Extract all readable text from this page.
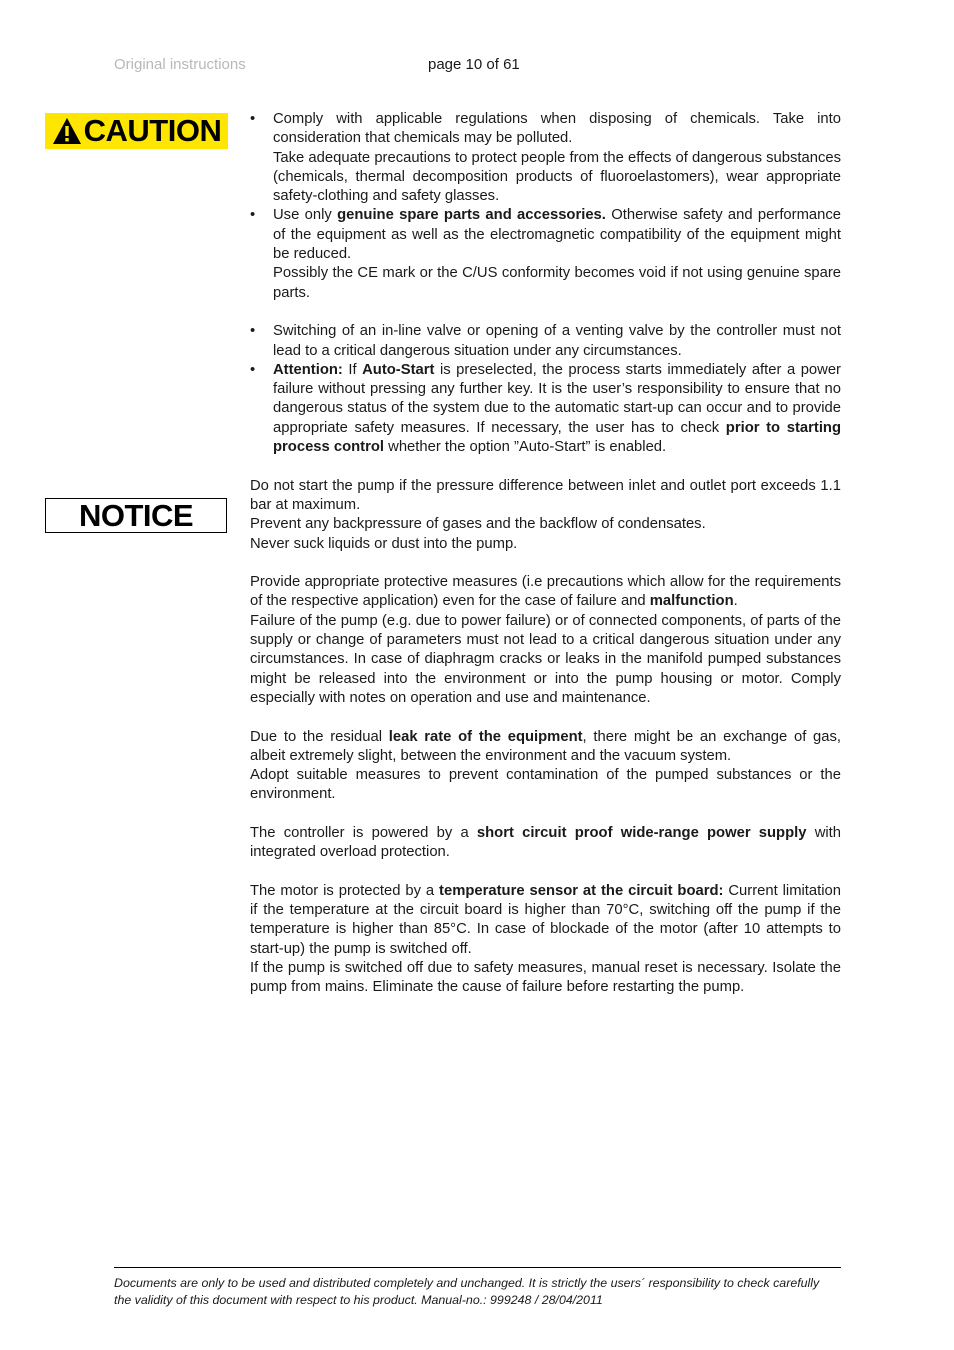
Original instructions	page 10 of 61
CAUTION
NOTICE
• Comply with applicable regulations when disposing of chemicals. Take into consideration that chemicals may be polluted.
Take adequate precautions to protect people from the effects of dangerous substances (chemicals, thermal decomposition products of fluoroelastomers), wear appropriate safety-clothing and safety glasses.
• Use only genuine spare parts and accessories. Otherwise safety and performance of the equipment as well as the electromagnetic compatibility of the equipment might be reduced.
Possibly the CE mark or the C/US conformity becomes void if not using genuine spare parts.
• Switching of an in-line valve or opening of a venting valve by the controller must not lead to a critical dangerous situation under any circumstances.
• Attention: If Auto-Start is preselected, the process starts immediately after a power failure without pressing any further key. It is the user’s responsibility to ensure that no dangerous status of the system due to the automatic start-up can occur and to provide appropriate safety measures. If necessary, the user has to check prior to starting process control whether the option ”Auto-Start” is enabled.

Do not start the pump if the pressure difference between inlet and outlet port exceeds 1.1 bar at maximum.
Prevent any backpressure of gases and the backflow of condensates.
Never suck liquids or dust into the pump.

Provide appropriate protective measures (i.e precautions which allow for the requirements of the respective application) even for the case of failure and malfunction.
Failure of the pump (e.g. due to power failure) or of connected components, of parts of the supply or change of parameters must not lead to a critical dangerous situation under any circumstances. In case of diaphragm cracks or leaks in the manifold pumped substances might be released into the environment or into the pump housing or motor. Comply especially with notes on operation and use and maintenance.

Due to the residual leak rate of the equipment, there might be an exchange of gas, albeit extremely slight, between the environment and the vacuum system.
Adopt suitable measures to prevent contamination of the pumped substances or the environment.

The controller is powered by a short circuit proof wide-range power supply with integrated overload protection.

The motor is protected by a temperature sensor at the circuit board: Current limitation if the temperature at the circuit board is higher than 70°C, switching off the pump if the temperature is higher than 85°C. In case of blockade of the motor (after 10 attempts to start-up) the pump is switched off.
If the pump is switched off due to safety measures, manual reset is necessary. Isolate the pump from mains. Eliminate the cause of failure before restarting the pump.

Documents are only to be used and distributed completely and unchanged. It is strictly the users´ responsibility to check carefully
the validity of this document with respect to his product. Manual-no.: 999248 / 28/04/2011
